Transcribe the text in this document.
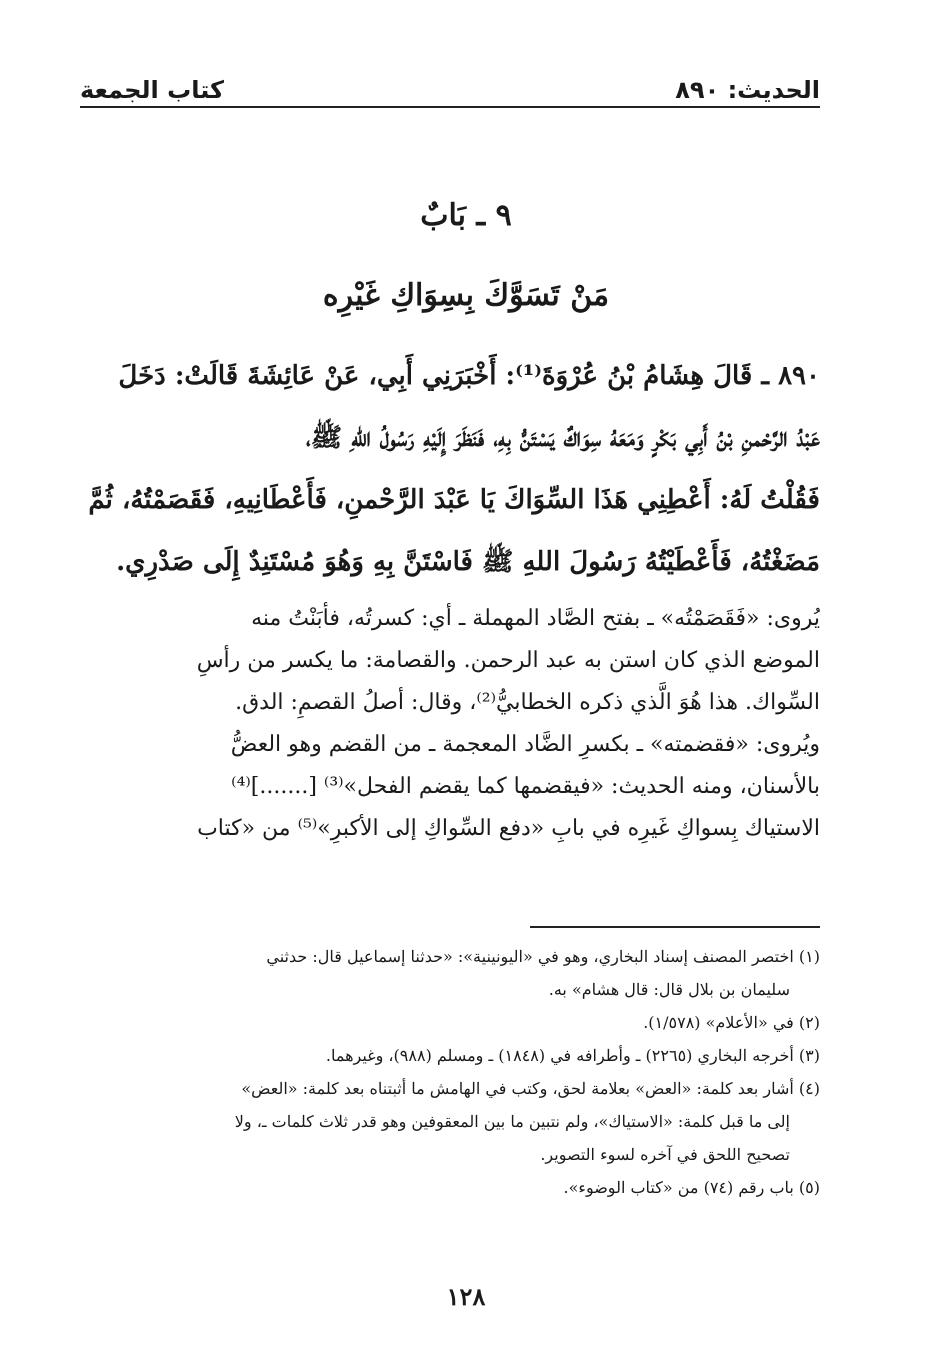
الحديث: ٨٩٠
كتاب الجمعة
٩ ـ بَابٌ
مَنْ تَسَوَّكَ بِسِوَاكِ غَيْرِه
٨٩٠ ـ قَالَ هِشَامُ بْنُ عُرْوَةَ⁽¹⁾: أَخْبَرَنِي أَبِي، عَنْ عَائِشَةَ قَالَتْ: دَخَلَ
عَبْدُ الرَّحْمنِ بْنُ أَبِي بَكْرٍ وَمَعَهُ سِوَاكٌ يَسْتَنُّ بِهِ، فَنَظَرَ إِلَيْهِ رَسُولُ اللهِ ﷺ،
فَقُلْتُ لَهُ: أَعْطِنِي هَذَا السِّوَاكَ يَا عَبْدَ الرَّحْمنِ، فَأَعْطَانِيهِ، فَقَصَمْتُهُ، ثُمَّ
مَضَغْتُهُ، فَأَعْطَيْتُهُ رَسُولَ اللهِ ﷺ فَاسْتَنَّ بِهِ وَهُوَ مُسْتَنِدٌ إِلَى صَدْرِي.
يُروى: «فَقَصَمْتُه» ـ بفتح الصَّاد المهملة ـ أي: كسرتُه، فأبَنْتُ منه
الموضع الذي كان استن به عبد الرحمن. والقصامة: ما يكسر من رأسِ
السِّواك. هذا هُوَ الَّذي ذكره الخطابيُّ⁽²⁾، وقال: أصلُ القصمِ: الدق.
ويُروى: «فقضمته» ـ بكسرِ الضَّاد المعجمة ـ من القضم وهو العضُّ
بالأسنان، ومنه الحديث: «فيقضمها كما يقضم الفحل»⁽³⁾ [.......]⁽⁴⁾
الاستياك بِسواكِ غَيرِه في بابِ «دفع السِّواكِ إلى الأكبرِ»⁽⁵⁾ من «كتاب
(١) اختصر المصنف إسناد البخاري، وهو في «اليونينية»: «حدثنا إسماعيل قال: حدثني
سليمان بن بلال قال: قال هشام» به.
(٢) في «الأعلام» (١/٥٧٨).
(٣) أخرجه البخاري (٢٢٦٥) ـ وأطرافه في (١٨٤٨) ـ ومسلم (٩٨٨)، وغيرهما.
(٤) أشار بعد كلمة: «العض» بعلامة لحق، وكتب في الهامش ما أثبتناه بعد كلمة: «العض»
إلى ما قبل كلمة: «الاستياك»، ولم نتبين ما بين المعقوفين وهو قدر ثلاث كلمات ـ، ولا
تصحيح اللحق في آخره لسوء التصوير.
(٥) باب رقم (٧٤) من «كتاب الوضوء».
١٢٨
